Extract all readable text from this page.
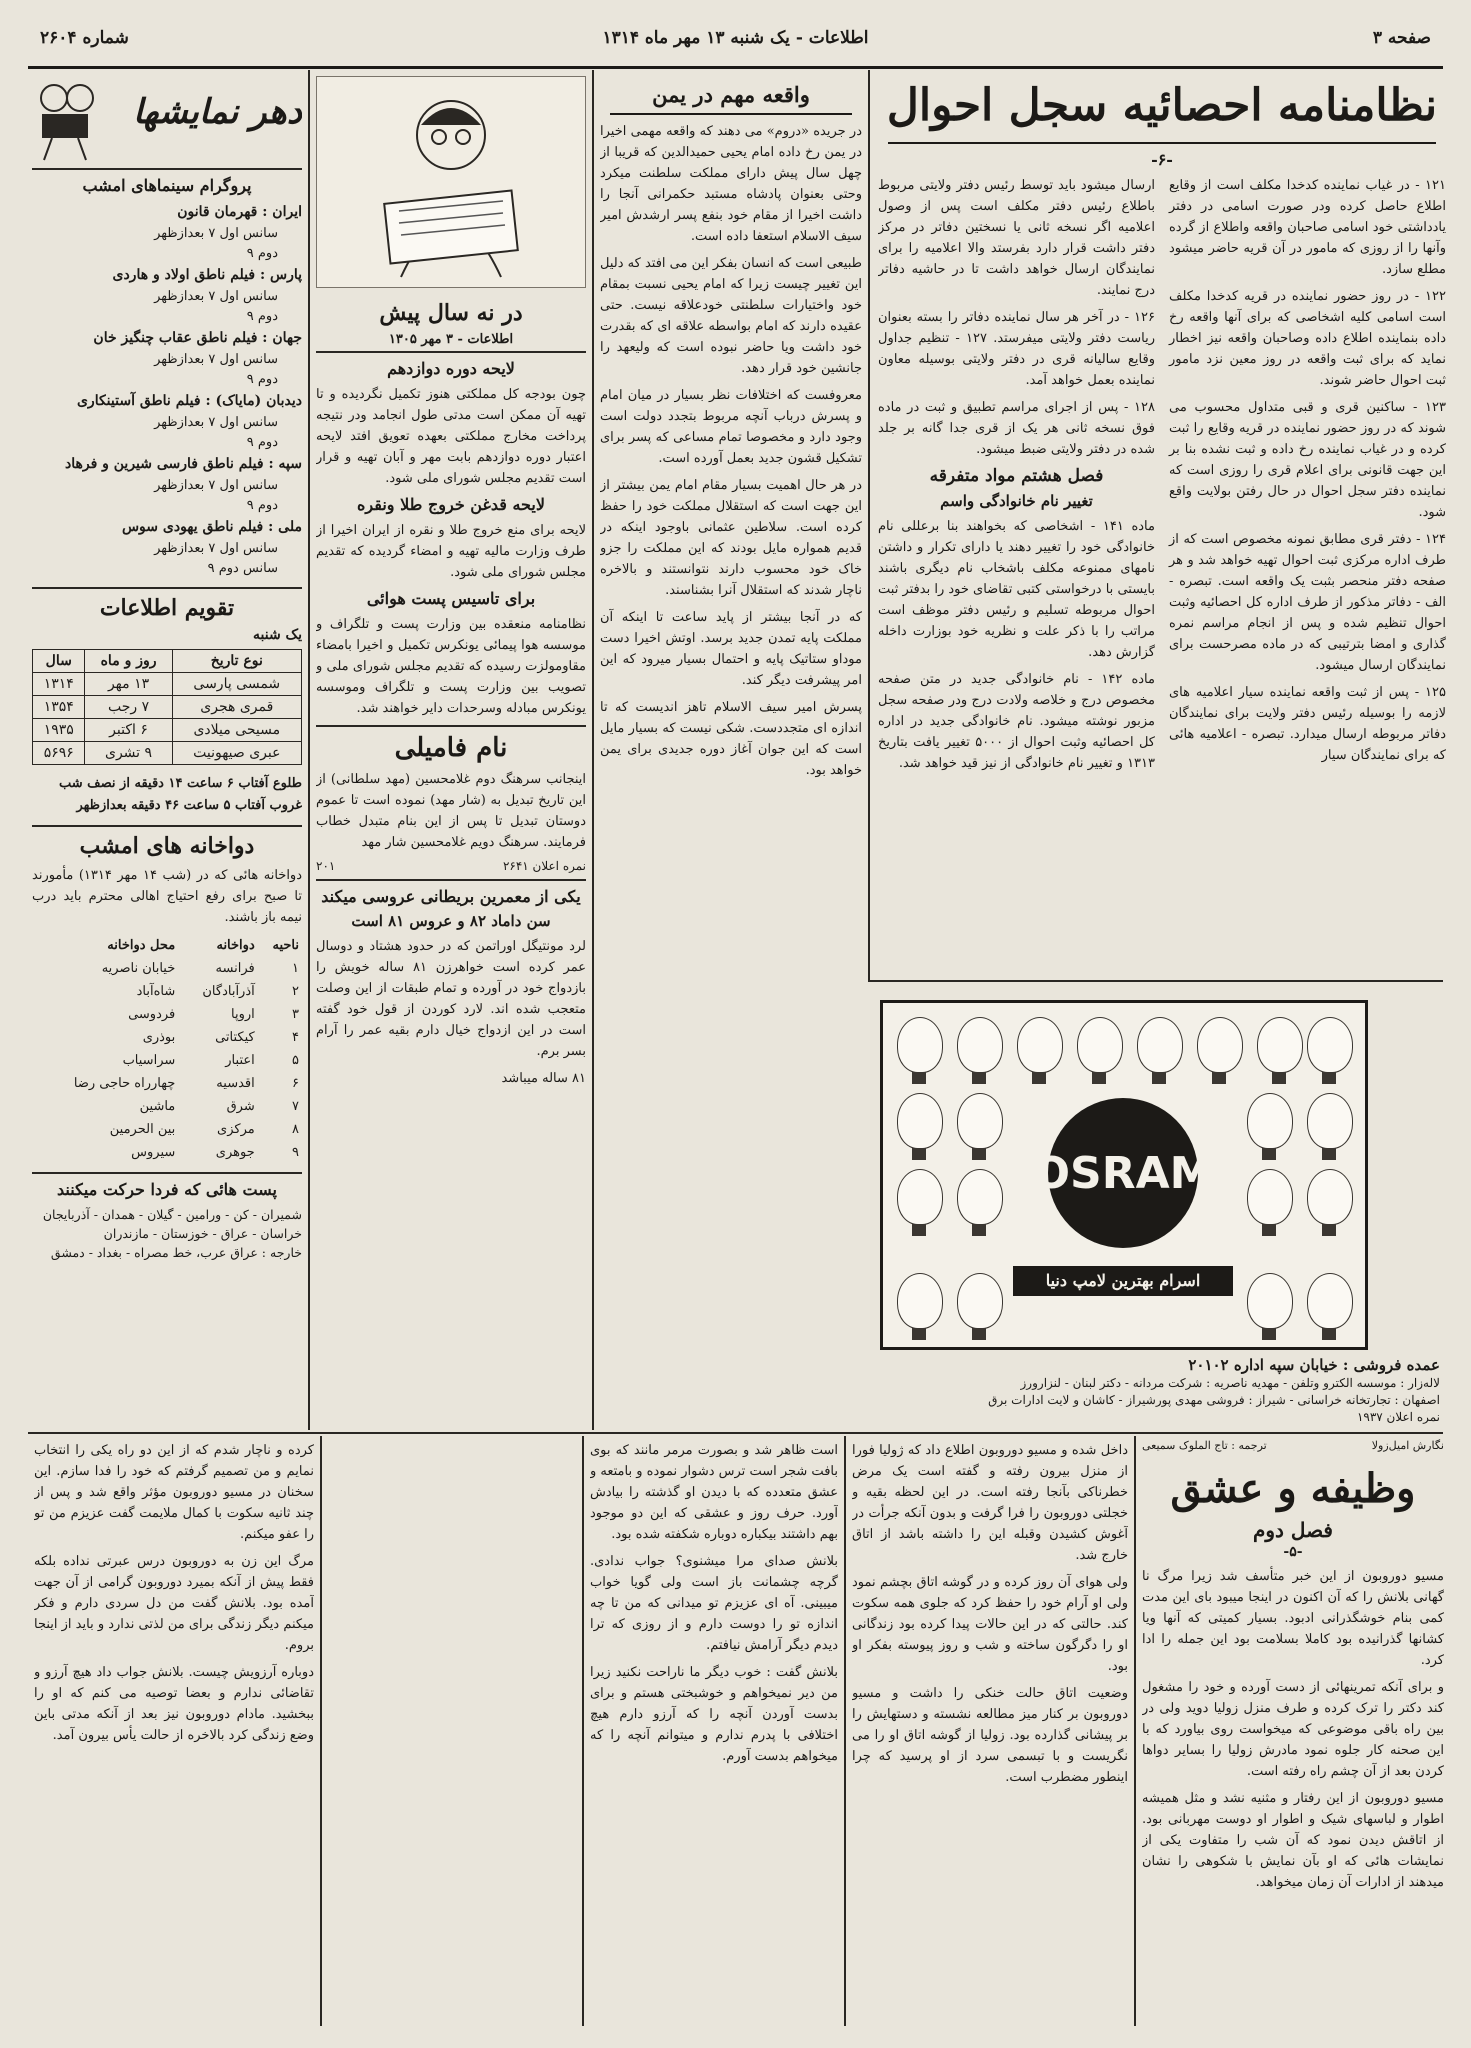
صفحه ۳
اطلاعات - یک شنبه ۱۳ مهر ماه ۱۳۱۴
شماره ۲۶۰۴
نظامنامه احصائیه سجل احوال
-۶-

۱۲۱ - در غیاب نماینده کدخدا مکلف است از وقایع اطلاع حاصل کرده ودر صورت اسامی در دفتر یادداشتی خود اسامی صاحبان واقعه واطلاع از گرده وآنها را از روزی که مامور در آن قریه حاضر میشود مطلع سازد.

۱۲۲ - در روز حضور نماینده در قریه کدخدا مکلف است اسامی کلیه اشخاصی که برای آنها واقعه رخ داده بنماینده اطلاع داده وصاحبان واقعه نیز اخطار نماید که برای ثبت واقعه در روز معین نزد مامور ثبت احوال حاضر شوند.

۱۲۳ - ساکنین قری و قبی متداول محسوب می شوند که در روز حضور نماینده در قریه وقایع را ثبت کرده و در غیاب نماینده رخ داده و ثبت نشده بنا بر این جهت قانونی برای اعلام قری را روزی است که نماینده دفتر سجل احوال در حال رفتن بولایت واقع شود.

۱۲۴ - دفتر قری مطابق نمونه مخصوص است که از طرف اداره مرکزی ثبت احوال تهیه خواهد شد و هر صفحه دفتر منحصر بثبت یک واقعه است. تبصره - الف - دفاتر مذکور از طرف اداره کل احصائیه وثبت احوال تنظیم شده و پس از انجام مراسم نمره گذاری و امضا بترتیبی که در ماده مصرحست برای نمایندگان ارسال میشود.

۱۲۵ - پس از ثبت واقعه نماینده سیار اعلامیه های لازمه را بوسیله رئیس دفتر ولایت برای نمایندگان دفاتر مربوطه ارسال میدارد. تبصره - اعلامیه هائی که برای نمایندگان سیار

ارسال میشود باید توسط رئیس دفتر ولایتی مربوط باطلاع رئیس دفتر مکلف است پس از وصول اعلامیه اگر نسخه ثانی یا نسختین دفاتر در مرکز دفتر داشت قرار دارد بفرستد والا اعلامیه را برای نمایندگان ارسال خواهد داشت تا در حاشیه دفاتر درج نمایند.

۱۲۶ - در آخر هر سال نماینده دفاتر را بسته بعنوان ریاست دفتر ولایتی میفرستد. ۱۲۷ - تنظیم جداول وقایع سالیانه قری در دفتر ولایتی بوسیله معاون نماینده بعمل خواهد آمد.

۱۲۸ - پس از اجرای مراسم تطبیق و ثبت در ماده فوق نسخه ثانی هر یک از قری جدا گانه بر جلد شده در دفتر ولایتی ضبط میشود.

فصل هشتم مواد متفرقه
تغییر نام خانوادگی واسم

ماده ۱۴۱ - اشخاصی که بخواهند بنا برعللی نام خانوادگی خود را تغییر دهند یا دارای تکرار و داشتن نامهای ممنوعه مکلف باشخاب نام دیگری باشند بایستی با درخواستی کتبی تقاضای خود را بدفتر ثبت احوال مربوطه تسلیم و رئیس دفتر موظف است مراتب را با ذکر علت و نظریه خود بوزارت داخله گزارش دهد.

ماده ۱۴۲ - نام خانوادگی جدید در متن صفحه مخصوص درج و خلاصه ولادت درج ودر صفحه سجل مزبور نوشته میشود. نام خانوادگی جدید در اداره کل احصائیه وثبت احوال از ۵۰۰۰ تغییر یافت بتاریخ ۱۳۱۳ و تغییر نام خانوادگی از نیز قید خواهد شد.

OSRAM
اسرام بهترین لامپ دنیا
عمده فروشی : خیابان سپه اداره ۲۰۱۰۲
لاله‌زار : موسسه الکترو وتلفن - مهدیه ناصریه : شرکت مردانه - دکتر لبنان - لنزارورز
اصفهان : تجارتخانه خراسانی - شیراز : فروشی مهدی پورشیراز - کاشان و لایت ادارات برق
نمره اعلان ۱۹۳۷
واقعه مهم در یمن

در جریده «دروم» می دهند که واقعه مهمی اخیرا در یمن رخ داده امام یحیی حمیدالدین که قریبا از چهل سال پیش دارای مملکت سلطنت میکرد وحتی بعنوان پادشاه مستبد حکمرانی آنجا را داشت اخیرا از مقام خود بنفع پسر ارشدش امیر سیف الاسلام استعفا داده است.

طبیعی است که انسان بفکر این می افتد که دلیل این تغییر چیست زیرا که امام یحیی نسبت بمقام خود واختیارات سلطنتی خودعلاقه نیست. حتی عقیده دارند که امام بواسطه علاقه ای که بقدرت خود داشت ویا حاضر نبوده است که ولیعهد را جانشین خود قرار دهد.

معروفست که اختلافات نظر بسیار در میان امام و پسرش درباب آنچه مربوط بتجدد دولت است وجود دارد و مخصوصا تمام مساعی که پسر برای تشکیل قشون جدید بعمل آورده است.

در هر حال اهمیت بسیار مقام امام یمن بیشتر از این جهت است که استقلال مملکت خود را حفظ کرده است. سلاطین عثمانی باوجود اینکه در قدیم همواره مایل بودند که این مملکت را جزو خاک خود محسوب دارند نتوانستند و بالاخره ناچار شدند که استقلال آنرا بشناسند.

که در آنجا بیشتر از پاید ساعت تا اینکه آن مملکت پایه تمدن جدید برسد. اوتش اخیرا دست موداو ستاتیک پایه و احتمال بسیار میرود که این امر پیشرفت دیگر کند.

پسرش امیر سیف الاسلام تاهز اندیست که تا اندازه ای متجددست. شکی نیست که بسیار مایل است که این جوان آغاز دوره جدیدی برای یمن خواهد بود.

در نه سال پیش
اطلاعات - ۳ مهر ۱۳۰۵
لایحه دوره دوازدهم

چون بودجه کل مملکتی هنوز تکمیل نگردیده و تا تهیه آن ممکن است مدتی طول انجامد ودر نتیجه پرداخت مخارج مملکتی بعهده تعویق افتد لایحه اعتبار دوره دوازدهم بابت مهر و آبان تهیه و قرار است تقدیم مجلس شورای ملی شود.

لایحه قدغن خروج طلا ونقره

لایحه برای منع خروج طلا و نقره از ایران اخیرا از طرف وزارت مالیه تهیه و امضاء گردیده که تقدیم مجلس شورای ملی شود.

برای تاسیس پست هوائی

نظامنامه منعقده بین وزارت پست و تلگراف و موسسه هوا پیمائی یونکرس تکمیل و اخیرا بامضاء مقاومولزت رسیده که تقدیم مجلس شورای ملی و تصویب بین وزارت پست و تلگراف وموسسه یونکرس مبادله وسرحدات دایر خواهند شد.

نام فامیلی

اینجانب سرهنگ دوم غلامحسین (مهد سلطانی) از این تاریخ تبدیل به (شار مهد) نموده است تا عموم دوستان تبدیل تا پس از این بنام متبدل خطاب فرمایند. سرهنگ دویم غلامحسین شار مهد

نمره اعلان ۲۶۴۱
۲۰۱
یکی از معمرین بریطانی عروسی میکند
سن داماد ۸۲ و عروس ۸۱ است

لرد مونتیگل اوراتمن که در حدود هشتاد و دوسال عمر کرده است خواهرزن ۸۱ ساله خویش را بازدواج خود در آورده و تمام طبقات از این وصلت متعجب شده اند. لارد کوردن از قول خود گفته است در این ازدواج خیال دارم بقیه عمر را آرام بسر برم.

۸۱ ساله میباشد

دهر نمایشها
پروگرام سینماهای امشب
ایران : قهرمان قانون
سانس اول ۷ بعدازظهر
دوم ۹
پارس : فیلم ناطق اولاد و هاردی
سانس اول ۷ بعدازظهر
دوم ۹
جهان : فیلم ناطق عقاب چنگیز خان
سانس اول ۷ بعدازظهر
دوم ۹
دیدبان (مایاک) : فیلم ناطق آستینکاری
سانس اول ۷ بعدازظهر
دوم ۹
سپه : فیلم ناطق فارسی شیرین و فرهاد
سانس اول ۷ بعدازظهر
دوم ۹
ملی : فیلم ناطق یهودی سوس
سانس اول ۷ بعدازظهر
سانس دوم ۹
تقویم اطلاعات
یک شنبه
نوع تاریخ	روز و ماه	سال
شمسی پارسی	۱۳ مهر	۱۳۱۴
قمری هجری	۷ رجب	۱۳۵۴
مسیحی میلادی	۶ اکتبر	۱۹۳۵
عبری صیهونیت	۹ تشری	۵۶۹۶
طلوع آفتاب ۶ ساعت ۱۴ دقیقه از نصف شب
غروب آفتاب ۵ ساعت ۴۶ دقیقه بعدازظهر
دواخانه های امشب

دواخانه هائی که در (شب ۱۴ مهر ۱۳۱۴) مأمورند تا صبح برای رفع احتیاج اهالی محترم باید درب نیمه باز باشند.

ناحیه	دواخانه	محل دواخانه
۱	فرانسه	خیابان ناصریه
۲	آذرآبادگان	شاه‌آباد
۳	اروپا	فردوسی
۴	کیکتاتی	بوذری
۵	اعتبار	سراسیاب
۶	اقدسیه	چهارراه حاجی رضا
۷	شرق	ماشین
۸	مرکزی	بین الحرمین
۹	جوهری	سیروس
پست هائی که فردا حرکت میکنند
شمیران - کن - ورامین - گیلان - همدان - آذربایجان
خراسان - عراق - خوزستان - مازندران
خارجه : عراق عرب، خط مصراه - بغداد - دمشق
نگارش امیل‌زولا
ترجمه : تاج الملوک سمیعی
وظیفه و عشق
فصل دوم
-۵-

مسیو دوروبون از این خبر متأسف شد زیرا مرگ نا گهانی بلانش را که آن اکنون در اینجا میبود بای این مدت کمی بنام خوشگذرانی ادبود. بسیار کمیتی که آنها ویا کشانها گذرانیده بود کاملا بسلامت بود این جمله را ادا کرد.

و برای آنکه تمرینهائی از دست آورده و خود را مشغول کند دکتر را ترک کرده و طرف منزل زولیا دوید ولی در بین راه باقی موضوعی که میخواست روی بیاورد که با این صحنه کار جلوه نمود مادرش زولیا را بسایر دواها کردن بعد از آن چشم راه رفته است.

مسیو دوروبون از این رفتار و مثنیه نشد و مثل همیشه اطوار و لباسهای شیک و اطوار او دوست مهربانی بود. از اتاقش دیدن نمود که آن شب را متفاوت یکی از نمایشات هائی که او بآن نمایش با شکوهی را نشان میدهند از ادارات آن زمان میخواهد.

داخل شده و مسیو دوروبون اطلاع داد که ژولیا فورا از منزل بیرون رفته و گفته است یک مرض خطرناکی بآنجا رفته است. در این لحظه بقیه و خجلتی دوروبون را فرا گرفت و بدون آنکه جرأت در آغوش کشیدن وقبله این را داشته باشد از اتاق خارج شد.

ولی هوای آن روز کرده و در گوشه اتاق بچشم نمود ولی او آرام خود را حفظ کرد که جلوی همه سکوت کند. حالتی که در این حالات پیدا کرده بود زندگانی او را دگرگون ساخته و شب و روز پیوسته بفکر او بود.

وضعیت اتاق حالت خنکی را داشت و مسیو دوروبون بر کنار میز مطالعه نشسته و دستهایش را بر پیشانی گذارده بود. زولیا از گوشه اتاق او را می نگریست و با تبسمی سرد از او پرسید که چرا اینطور مضطرب است.

است ظاهر شد و بصورت مرمر مانند که بوی بافت شجر است ترس دشوار نموده و بامتعه و عشق متعدده که با دیدن او گذشته را بیادش آورد. حرف روز و عشقی که این دو موجود بهم داشتند بیکباره دوباره شکفته شده بود.

بلانش صدای مرا میشنوی؟ جواب ندادی. گرچه چشمانت باز است ولی گویا خواب میبینی. آه ای عزیزم تو میدانی که من تا چه اندازه تو را دوست دارم و از روزی که ترا دیدم دیگر آرامش نیافتم.

بلانش گفت : خوب دیگر ما ناراحت نکنید زیرا من دیر نمیخواهم و خوشبختی هستم و برای بدست آوردن آنچه را که آرزو دارم هیچ اختلافی با پدرم ندارم و میتوانم آنچه را که میخواهم بدست آورم.

کرده و ناچار شدم که از این دو راه یکی را انتخاب نمایم و من تصمیم گرفتم که خود را فدا سازم. این سخنان در مسیو دوروبون مؤثر واقع شد و پس از چند ثانیه سکوت با کمال ملایمت گفت عزیزم من تو را عفو میکنم.

مرگ این زن به دوروبون درس عبرتی نداده بلکه فقط پیش از آنکه بمیرد دوروبون گرامی از آن جهت آمده بود. بلانش گفت من دل سردی دارم و فکر میکنم دیگر زندگی برای من لذتی ندارد و باید از اینجا بروم.

دوباره آرزویش چیست. بلانش جواب داد هیچ آرزو و تقاضائی ندارم و بعضا توصیه می کنم که او را ببخشید. مادام دوروبون نیز بعد از آنکه مدتی باین وضع زندگی کرد بالاخره از حالت یأس بیرون آمد.
